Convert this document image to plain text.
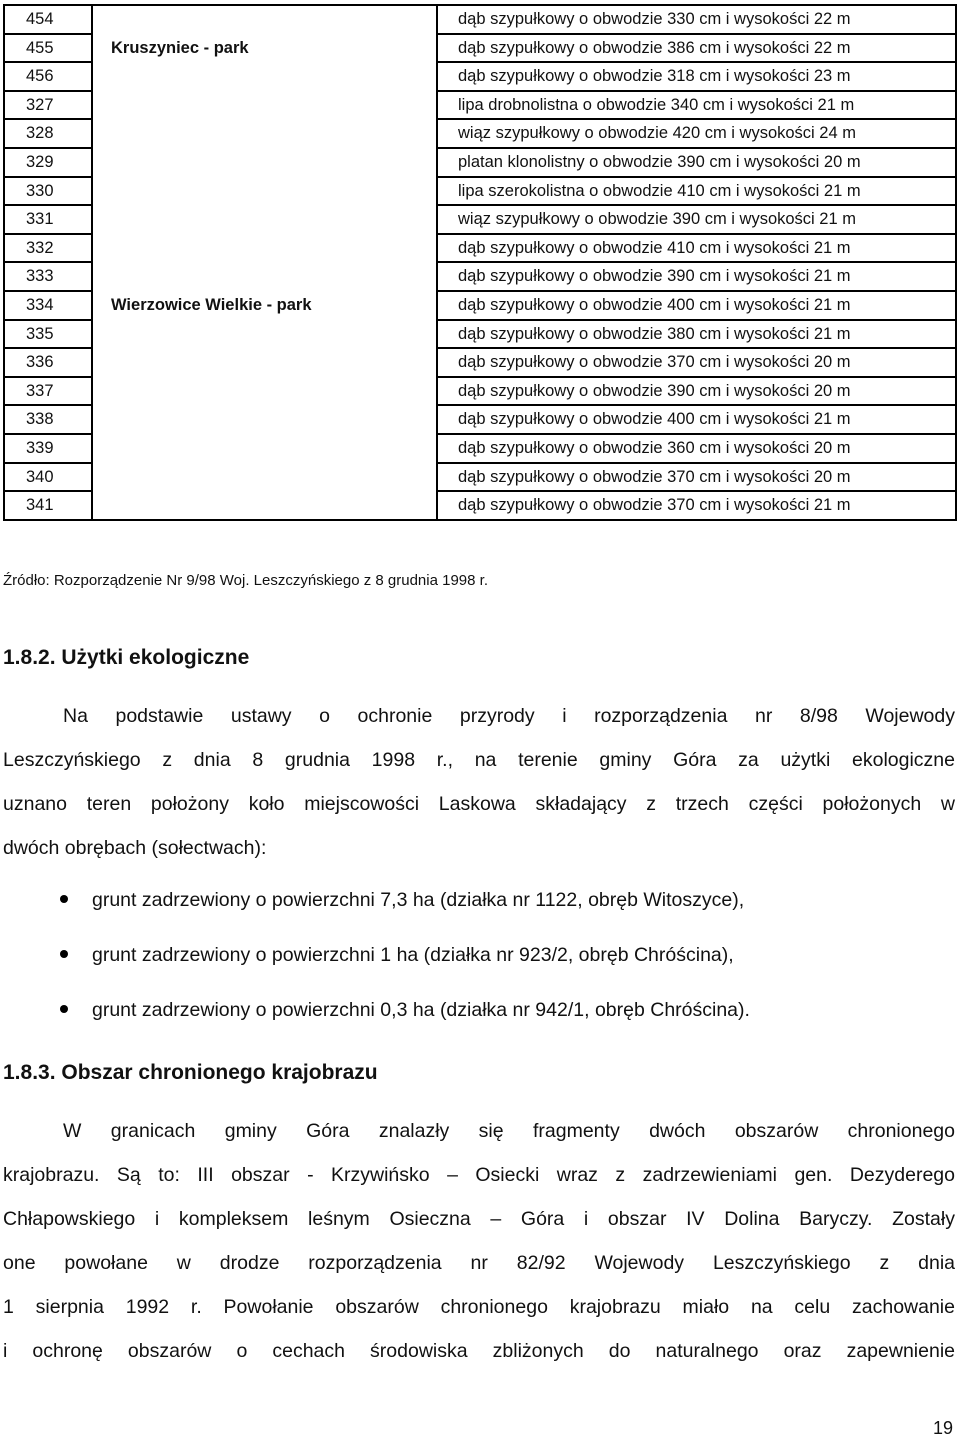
454		dąb szypułkowy o obwodzie 330 cm i wysokości 22 m
455	Kruszyniec - park	dąb szypułkowy o obwodzie 386 cm i wysokości 22 m
456		dąb szypułkowy o obwodzie 318 cm i wysokości 23 m
327		lipa drobnolistna o obwodzie 340 cm i wysokości 21 m
328		wiąz szypułkowy o obwodzie 420 cm i wysokości 24 m
329		platan klonolistny o obwodzie 390 cm i wysokości 20 m
330		lipa szerokolistna o obwodzie 410 cm i wysokości 21 m
331		wiąz szypułkowy o obwodzie 390 cm i wysokości 21 m
332		dąb szypułkowy o obwodzie 410 cm i wysokości 21 m
333		dąb szypułkowy o obwodzie 390 cm i wysokości 21 m
334	Wierzowice Wielkie - park	dąb szypułkowy o obwodzie 400 cm i wysokości 21 m
335		dąb szypułkowy o obwodzie 380 cm i wysokości 21 m
336		dąb szypułkowy o obwodzie 370 cm i wysokości 20 m
337		dąb szypułkowy o obwodzie 390 cm i wysokości 20 m
338		dąb szypułkowy o obwodzie 400 cm i wysokości 21 m
339		dąb szypułkowy o obwodzie 360 cm i wysokości 20 m
340		dąb szypułkowy o obwodzie 370 cm i wysokości 20 m
341		dąb szypułkowy o obwodzie 370 cm i wysokości 21 m
Źródło: Rozporządzenie Nr 9/98 Woj. Leszczyńskiego z 8 grudnia 1998 r.
1.8.2. Użytki ekologiczne
Na podstawie ustawy o ochronie przyrody i rozporządzenia nr 8/98 Wojewody
Leszczyńskiego z dnia 8 grudnia 1998 r., na terenie gminy Góra za użytki ekologiczne
uznano teren położony koło miejscowości Laskowa składający z trzech części położonych w
dwóch obrębach (sołectwach):
grunt zadrzewiony o powierzchni 7,3 ha (działka nr 1122, obręb Witoszyce),
grunt zadrzewiony o powierzchni 1 ha (działka nr 923/2, obręb Chróścina),
grunt zadrzewiony o powierzchni 0,3 ha (działka nr 942/1, obręb Chróścina).
1.8.3. Obszar chronionego krajobrazu
W granicach gminy Góra znalazły się fragmenty dwóch obszarów chronionego
krajobrazu. Są to: III obszar - Krzywińsko – Osiecki wraz z zadrzewieniami gen. Dezyderego
Chłapowskiego i kompleksem leśnym Osieczna – Góra i obszar IV Dolina Baryczy. Zostały
one powołane w drodze rozporządzenia nr 82/92 Wojewody Leszczyńskiego z dnia
1 sierpnia 1992 r. Powołanie obszarów chronionego krajobrazu miało na celu zachowanie
i ochronę obszarów o cechach środowiska zbliżonych do naturalnego oraz zapewnienie
19
